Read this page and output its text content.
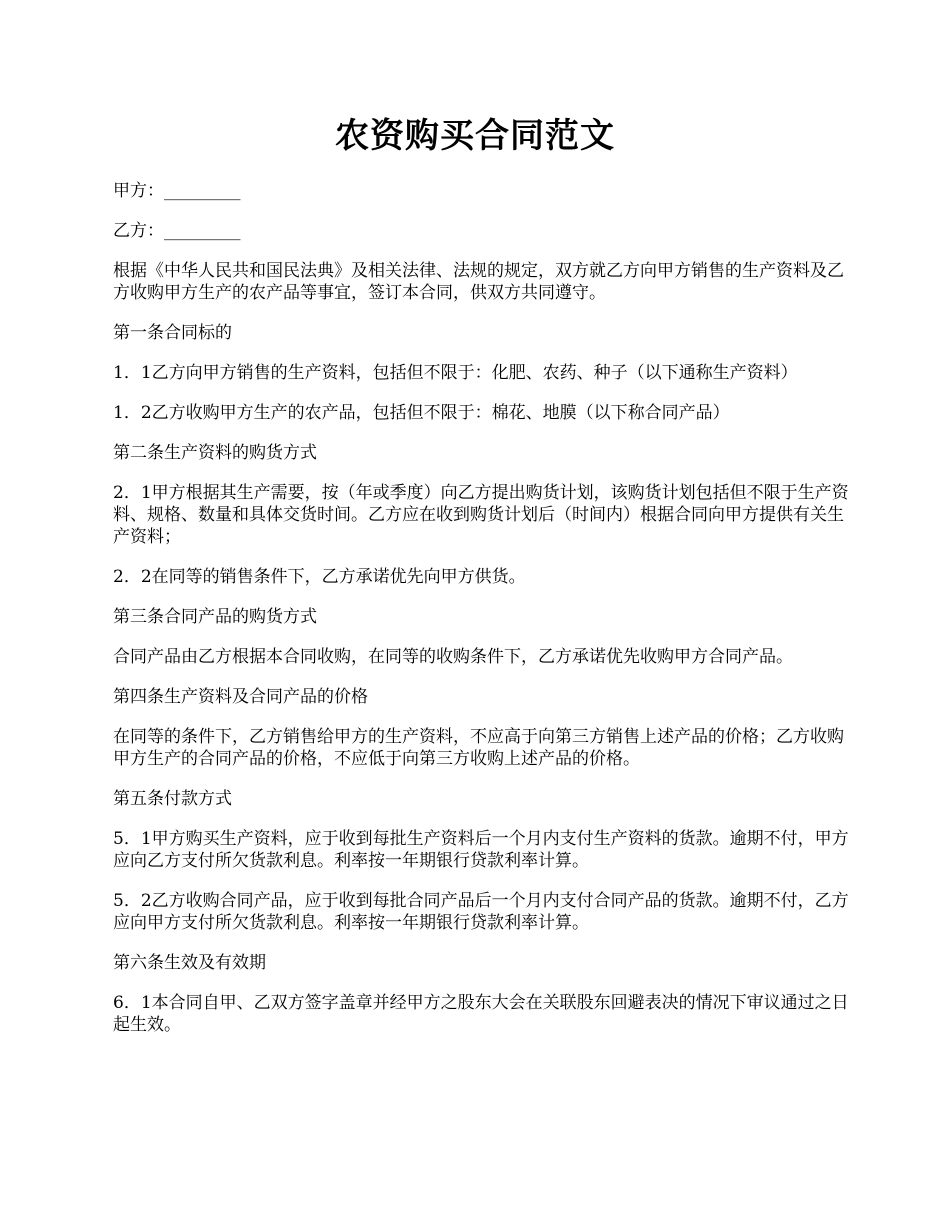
农资购买合同范文

甲方：_________

乙方：_________

根据《中华人民共和国民法典》及相关法律、法规的规定，双方就乙方向甲方销售的生产资料及乙方收购甲方生产的农产品等事宜，签订本合同，供双方共同遵守。

第一条合同标的

1．1乙方向甲方销售的生产资料，包括但不限于：化肥、农药、种子（以下通称生产资料）

1．2乙方收购甲方生产的农产品，包括但不限于：棉花、地膜（以下称合同产品）

第二条生产资料的购货方式

2．1甲方根据其生产需要，按（年或季度）向乙方提出购货计划，该购货计划包括但不限于生产资料、规格、数量和具体交货时间。乙方应在收到购货计划后（时间内）根据合同向甲方提供有关生产资料；

2．2在同等的销售条件下，乙方承诺优先向甲方供货。

第三条合同产品的购货方式

合同产品由乙方根据本合同收购，在同等的收购条件下，乙方承诺优先收购甲方合同产品。

第四条生产资料及合同产品的价格

在同等的条件下，乙方销售给甲方的生产资料，不应高于向第三方销售上述产品的价格；乙方收购甲方生产的合同产品的价格，不应低于向第三方收购上述产品的价格。

第五条付款方式

5．1甲方购买生产资料，应于收到每批生产资料后一个月内支付生产资料的货款。逾期不付，甲方应向乙方支付所欠货款利息。利率按一年期银行贷款利率计算。

5．2乙方收购合同产品，应于收到每批合同产品后一个月内支付合同产品的货款。逾期不付，乙方应向甲方支付所欠货款利息。利率按一年期银行贷款利率计算。

第六条生效及有效期

6．1本合同自甲、乙双方签字盖章并经甲方之股东大会在关联股东回避表决的情况下审议通过之日起生效。
